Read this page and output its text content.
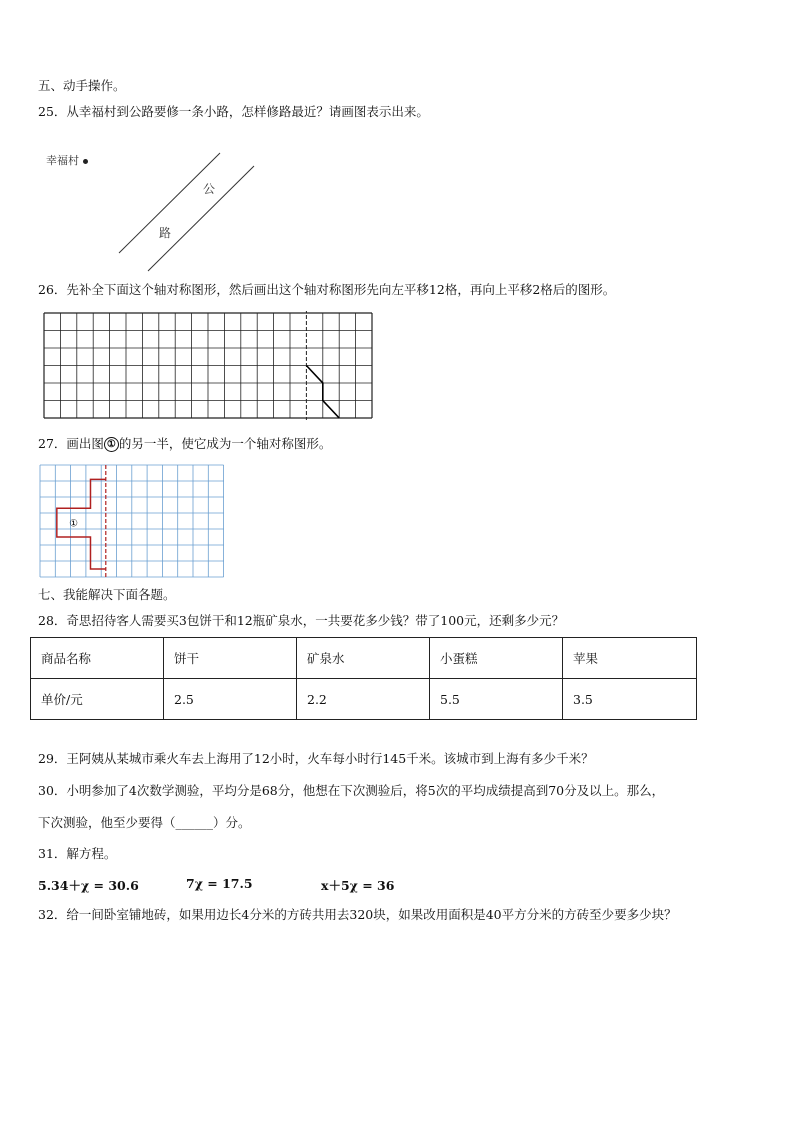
五、动手操作。
25．从幸福村到公路要修一条小路，怎样修路最近？请画图表示出来。
幸福村
公
路
26．先补全下面这个轴对称图形，然后画出这个轴对称图形先向左平移12格，再向上平移2格后的图形。
27．画出图 ① 的另一半，使它成为一个轴对称图形。
①
七、我能解决下面各题。
28．奇思招待客人需要买3包饼干和12瓶矿泉水，一共要花多少钱？带了100元，还剩多少元？
商品名称	饼干	矿泉水	小蛋糕	苹果
单价/元	2.5	2.2	5.5	3.5
29．王阿姨从某城市乘火车去上海用了12小时，火车每小时行145千米。该城市到上海有多少千米？
30．小明参加了4次数学测验，平均分是68分，他想在下次测验后，将5次的平均成绩提高到70分及以上。那么，
下次测验，他至少要得（______）分。
31．解方程。
5.34＋χ = 30.6	7χ = 17.5	x＋5χ = 36
32．给一间卧室铺地砖，如果用边长4分米的方砖共用去320块，如果改用面积是40平方分米的方砖至少要多少块？
